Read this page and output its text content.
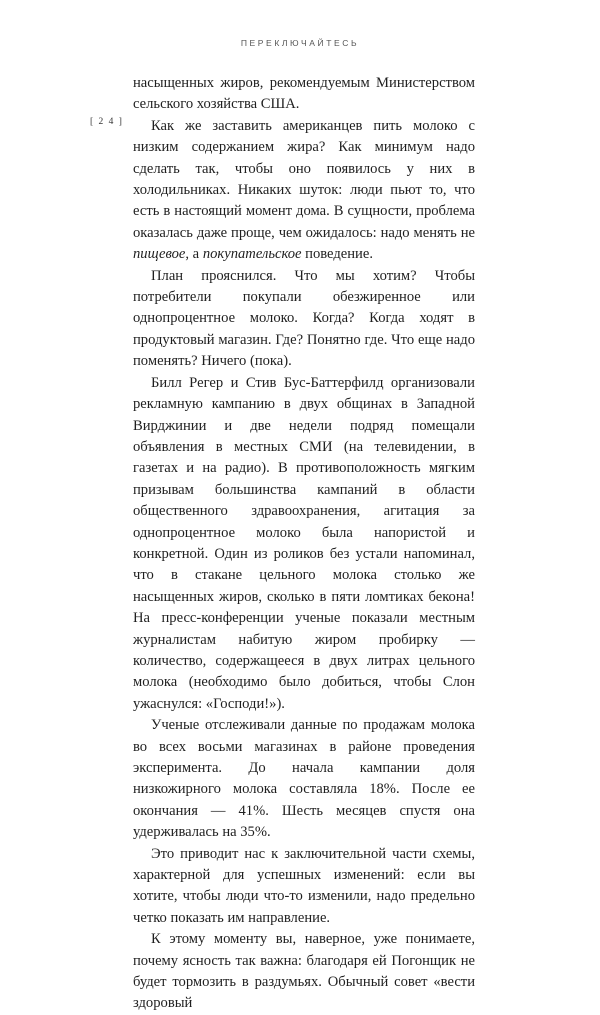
ПЕРЕКЛЮЧАЙТЕСЬ
[ 2 4 ]

насыщенных жиров, рекомендуемым Министерством сельского хозяйства США.

Как же заставить американцев пить молоко с низким содержанием жира? Как минимум надо сделать так, чтобы оно появилось у них в холодильниках. Никаких шуток: люди пьют то, что есть в настоящий момент дома. В сущности, проблема оказалась даже проще, чем ожидалось: надо менять не пищевое, а покупательское поведение.

План прояснился. Что мы хотим? Чтобы потребители покупали обезжиренное или однопроцентное молоко. Когда? Когда ходят в продуктовый магазин. Где? Понятно где. Что еще надо поменять? Ничего (пока).

Билл Регер и Стив Бус-Баттерфилд организовали рекламную кампанию в двух общинах в Западной Вирджинии и две недели подряд помещали объявления в местных СМИ (на телевидении, в газетах и на радио). В противоположность мягким призывам большинства кампаний в области общественного здравоохранения, агитация за однопроцентное молоко была напористой и конкретной. Один из роликов без устали напоминал, что в стакане цельного молока столько же насыщенных жиров, сколько в пяти ломтиках бекона! На пресс-конференции ученые показали местным журналистам набитую жиром пробирку — количество, содержащееся в двух литрах цельного молока (необходимо было добиться, чтобы Слон ужаснулся: «Господи!»).

Ученые отслеживали данные по продажам молока во всех восьми магазинах в районе проведения эксперимента. До начала кампании доля низкожирного молока составляла 18%. После ее окончания — 41%. Шесть месяцев спустя она удерживалась на 35%.

Это приводит нас к заключительной части схемы, характерной для успешных изменений: если вы хотите, чтобы люди что-то изменили, надо предельно четко показать им направление.

К этому моменту вы, наверное, уже понимаете, почему ясность так важна: благодаря ей Погонщик не будет тормозить в раздумьях. Обычный совет «вести здоровый
